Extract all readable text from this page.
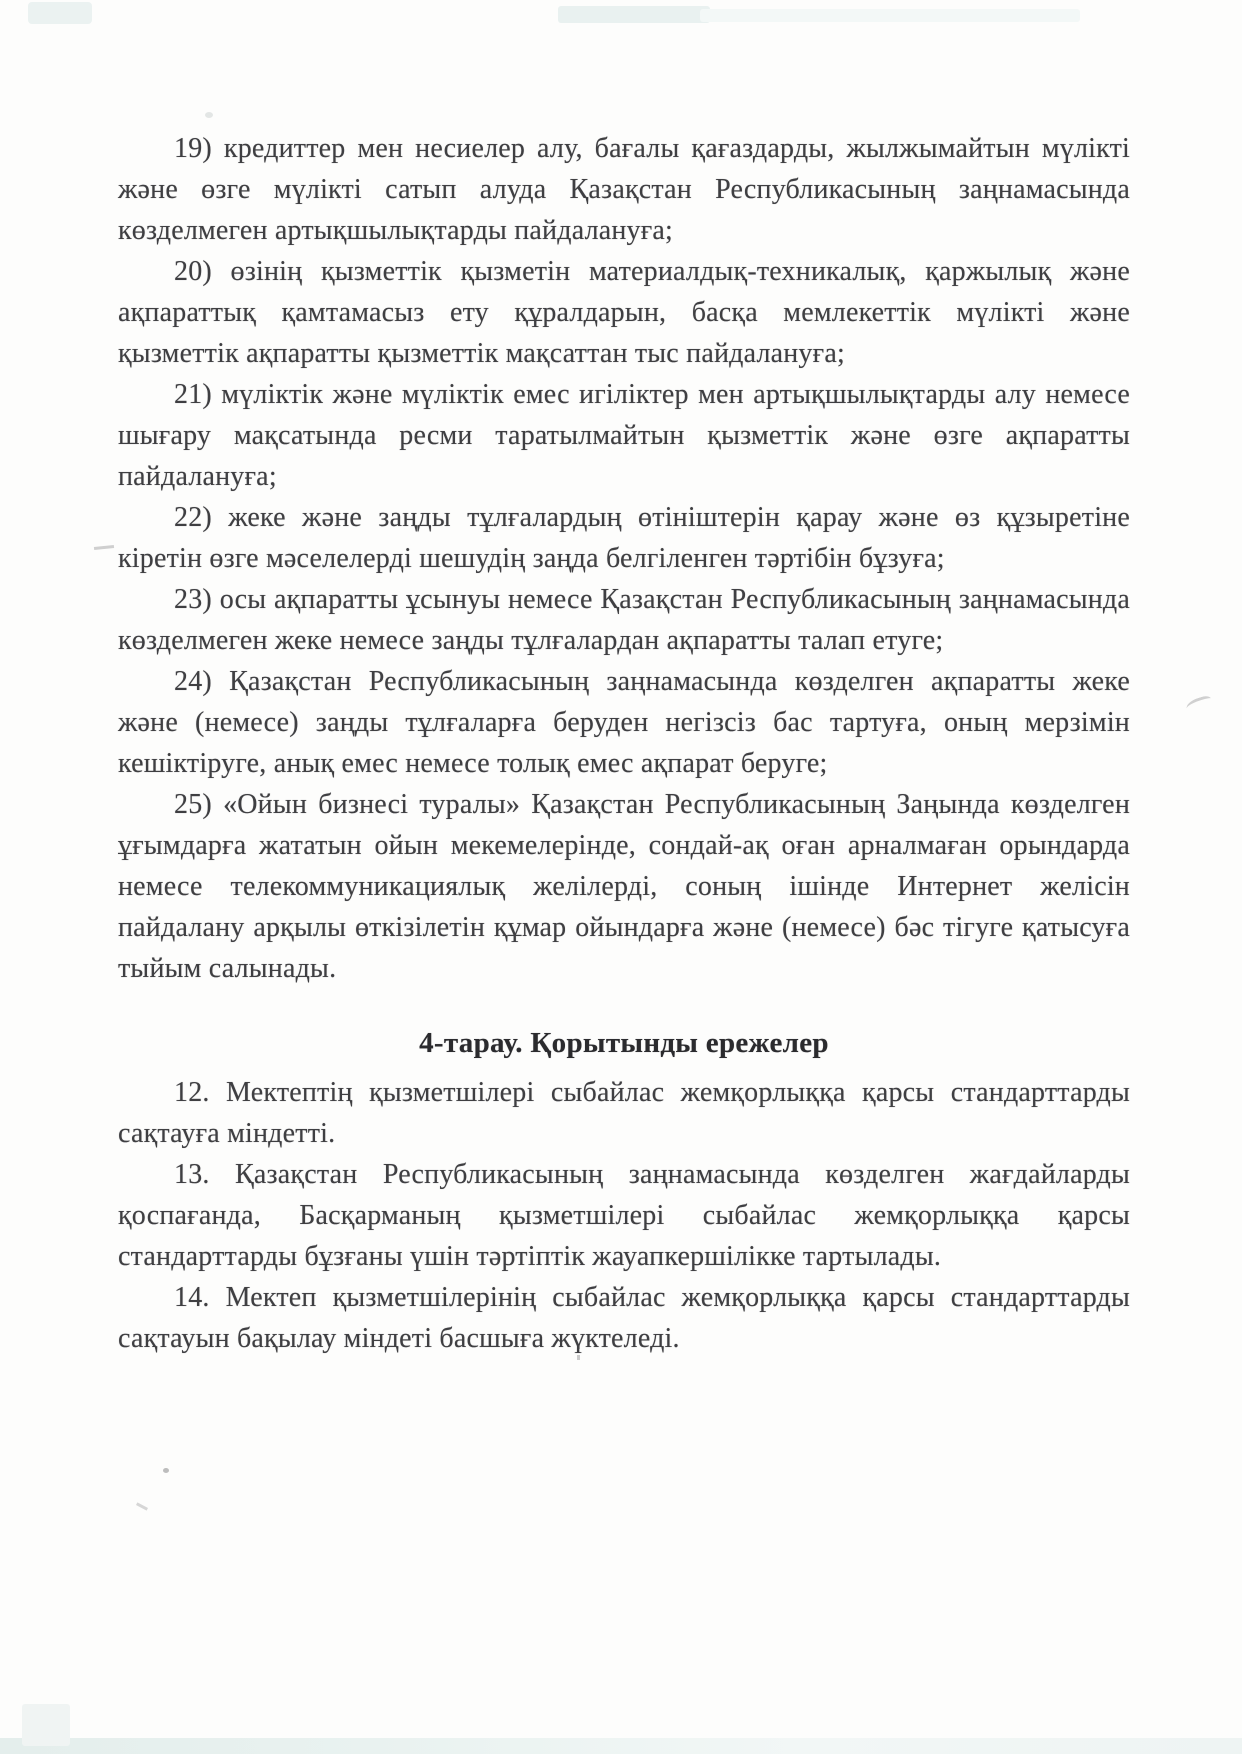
19) кредиттер мен несиелер алу, бағалы қағаздарды, жылжымайтын мүлікті және өзге мүлікті сатып алуда Қазақстан Республикасының заңнамасында көзделмеген артықшылықтарды пайдалануға;

20) өзінің қызметтік қызметін материалдық-техникалық, қаржылық және ақпараттық қамтамасыз ету құралдарын, басқа мемлекеттік мүлікті және қызметтік ақпаратты қызметтік мақсаттан тыс пайдалануға;

21) мүліктік және мүліктік емес игіліктер мен артықшылықтарды алу немесе шығару мақсатында ресми таратылмайтын қызметтік және өзге ақпаратты пайдалануға;

22) жеке және заңды тұлғалардың өтініштерін қарау және өз құзыретіне кіретін өзге мәселелерді шешудің заңда белгіленген тәртібін бұзуға;

23) осы ақпаратты ұсынуы немесе Қазақстан Республикасының заңнамасында көзделмеген жеке немесе заңды тұлғалардан ақпаратты талап етуге;

24) Қазақстан Республикасының заңнамасында көзделген ақпаратты жеке және (немесе) заңды тұлғаларға беруден негізсіз бас тартуға, оның мерзімін кешіктіруге, анық емес немесе толық емес ақпарат беруге;

25) «Ойын бизнесі туралы» Қазақстан Республикасының Заңында көзделген ұғымдарға жататын ойын мекемелерінде, сондай-ақ оған арналмаған орындарда немесе телекоммуникациялық желілерді, соның ішінде Интернет желісін пайдалану арқылы өткізілетін құмар ойындарға және (немесе) бәс тігуге қатысуға тыйым салынады.

4-тарау. Қорытынды ережелер

12. Мектептің қызметшілері сыбайлас жемқорлыққа қарсы стандарттарды сақтауға міндетті.

13. Қазақстан Республикасының заңнамасында көзделген жағдайларды қоспағанда, Басқарманың қызметшілері сыбайлас жемқорлыққа қарсы стандарттарды бұзғаны үшін тәртіптік жауапкершілікке тартылады.

14. Мектеп қызметшілерінің сыбайлас жемқорлыққа қарсы стандарттарды сақтауын бақылау міндеті басшыға жүктеледі.
